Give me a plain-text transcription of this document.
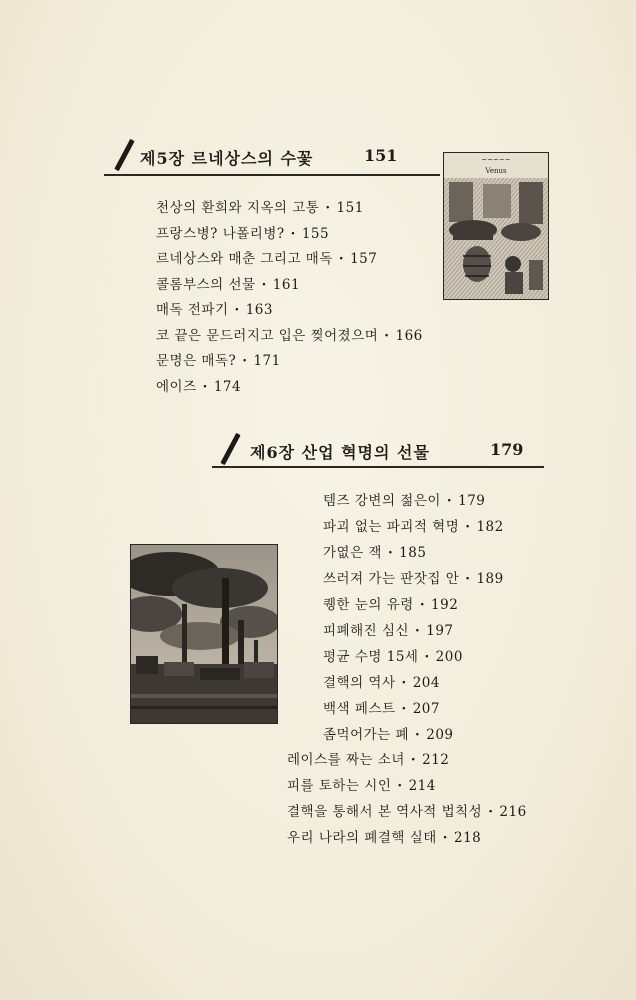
제5장 르네상스의 수꽃	151	~~~~~
Venus
천상의 환희와 지옥의 고통 · 151
프랑스병? 나폴리병? · 155
르네상스와 매춘 그리고 매독 · 157
콜롬부스의 선물 · 161
매독 전파기 · 163
코 끝은 문드러지고 입은 찢어졌으며 · 166
문명은 매독? · 171
에이즈 · 174
제6장 산업 혁명의 선물	179
템즈 강변의 젊은이 · 179
파괴 없는 파괴적 혁명 · 182
가엾은 잭 · 185
쓰러져 가는 판잣집 안 · 189
퀭한 눈의 유령 · 192
피폐해진 심신 · 197
평균 수명 15세 · 200
결핵의 역사 · 204
백색 페스트 · 207
좀먹어가는 폐 · 209
레이스를 짜는 소녀 · 212
피를 토하는 시인 · 214
결핵을 통해서 본 역사적 법칙성 · 216
우리 나라의 폐결핵 실태 · 218
